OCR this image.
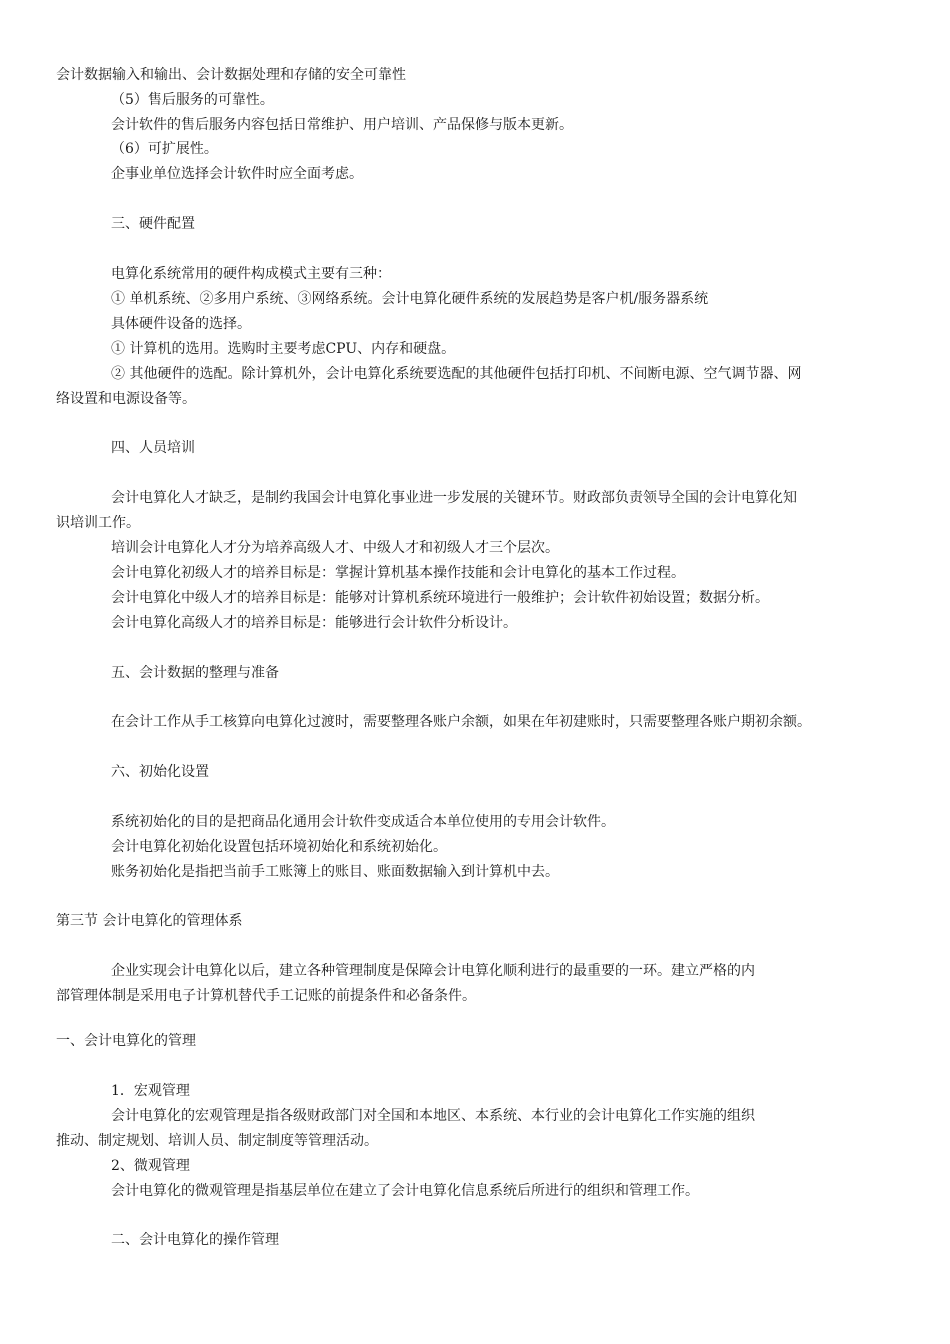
会计数据输入和输出、会计数据处理和存储的安全可靠性
（5）售后服务的可靠性。
会计软件的售后服务内容包括日常维护、用户培训、产品保修与版本更新。
（6）可扩展性。
企事业单位选择会计软件时应全面考虑。
三、硬件配置
电算化系统常用的硬件构成模式主要有三种：
① 单机系统、②多用户系统、③网络系统。会计电算化硬件系统的发展趋势是客户机/服务器系统
具体硬件设备的选择。
① 计算机的选用。选购时主要考虑CPU、内存和硬盘。
② 其他硬件的选配。除计算机外，会计电算化系统要选配的其他硬件包括打印机、不间断电源、空气调节器、网
络设置和电源设备等。
四、人员培训
会计电算化人才缺乏，是制约我国会计电算化事业进一步发展的关键环节。财政部负责领导全国的会计电算化知
识培训工作。
培训会计电算化人才分为培养高级人才、中级人才和初级人才三个层次。
会计电算化初级人才的培养目标是：掌握计算机基本操作技能和会计电算化的基本工作过程。
会计电算化中级人才的培养目标是：能够对计算机系统环境进行一般维护；会计软件初始设置；数据分析。
会计电算化高级人才的培养目标是：能够进行会计软件分析设计。
五、会计数据的整理与准备
在会计工作从手工核算向电算化过渡时，需要整理各账户余额，如果在年初建账时，只需要整理各账户期初余额。
六、初始化设置
系统初始化的目的是把商品化通用会计软件变成适合本单位使用的专用会计软件。
会计电算化初始化设置包括环境初始化和系统初始化。
账务初始化是指把当前手工账簿上的账目、账面数据输入到计算机中去。
第三节 会计电算化的管理体系
企业实现会计电算化以后，建立各种管理制度是保障会计电算化顺利进行的最重要的一环。建立严格的内
部管理体制是采用电子计算机替代手工记账的前提条件和必备条件。
一、会计电算化的管理
1．宏观管理
会计电算化的宏观管理是指各级财政部门对全国和本地区、本系统、本行业的会计电算化工作实施的组织
推动、制定规划、培训人员、制定制度等管理活动。
2、微观管理
会计电算化的微观管理是指基层单位在建立了会计电算化信息系统后所进行的组织和管理工作。
二、会计电算化的操作管理
